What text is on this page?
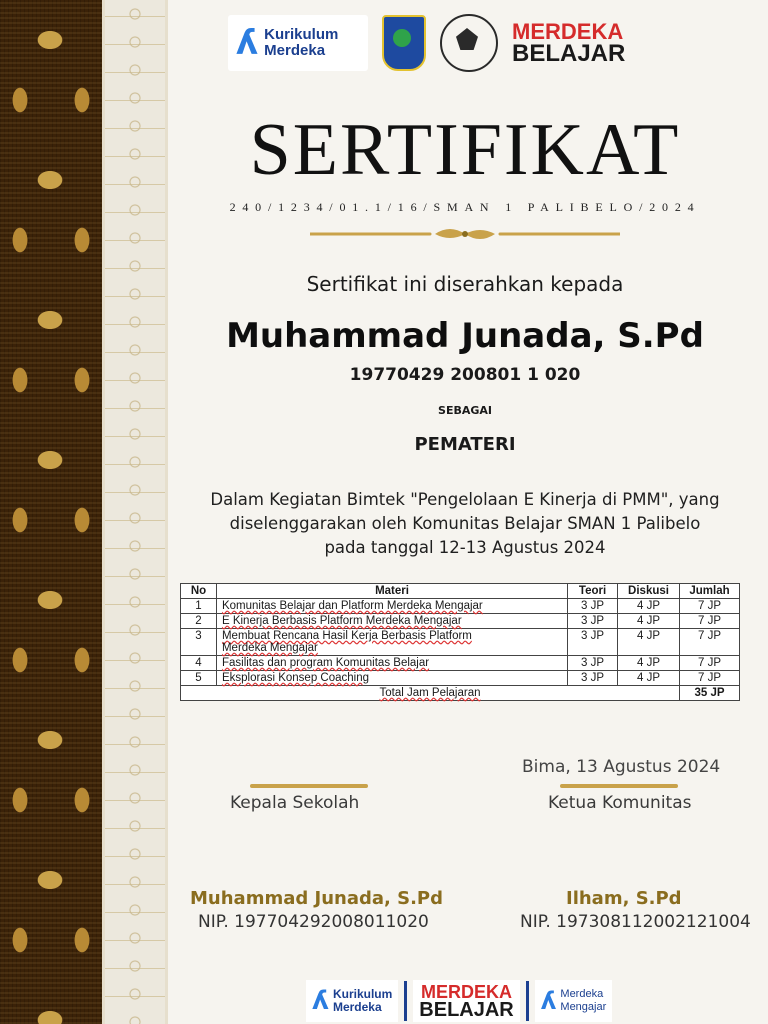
ʎ Kurikulum
Merdeka
MERDEKA
BELAJAR
SERTIFIKAT
240/1234/01.1/16/SMAN 1 PALIBELO/2024
Sertifikat ini diserahkan kepada
Muhammad Junada, S.Pd
19770429 200801 1 020
SEBAGAI
PEMATERI
Dalam Kegiatan Bimtek "Pengelolaan E Kinerja di PMM", yang
diselenggarakan oleh Komunitas Belajar SMAN 1 Palibelo
pada tanggal 12-13 Agustus 2024
No	Materi	Teori	Diskusi	Jumlah
1	Komunitas Belajar dan Platform Merdeka Mengajar	3 JP	4 JP	7 JP
2	E Kinerja Berbasis Platform Merdeka Mengajar	3 JP	4 JP	7 JP
3	Membuat Rencana Hasil Kerja Berbasis Platform
Merdeka Mengajar	3 JP	4 JP	7 JP
4	Fasilitas dan program Komunitas Belajar	3 JP	4 JP	7 JP
5	Eksplorasi Konsep Coaching	3 JP	4 JP	7 JP
Total Jam Pelajaran				35 JP
Bima, 13 Agustus 2024
Kepala Sekolah	Ketua Komunitas
Muhammad Junada, S.Pd	Ilham, S.Pd
NIP. 197704292008011020	NIP. 197308112002121004
ʎ Kurikulum
Merdeka
MERDEKA
BELAJAR ʎ Merdeka
Mengajar
